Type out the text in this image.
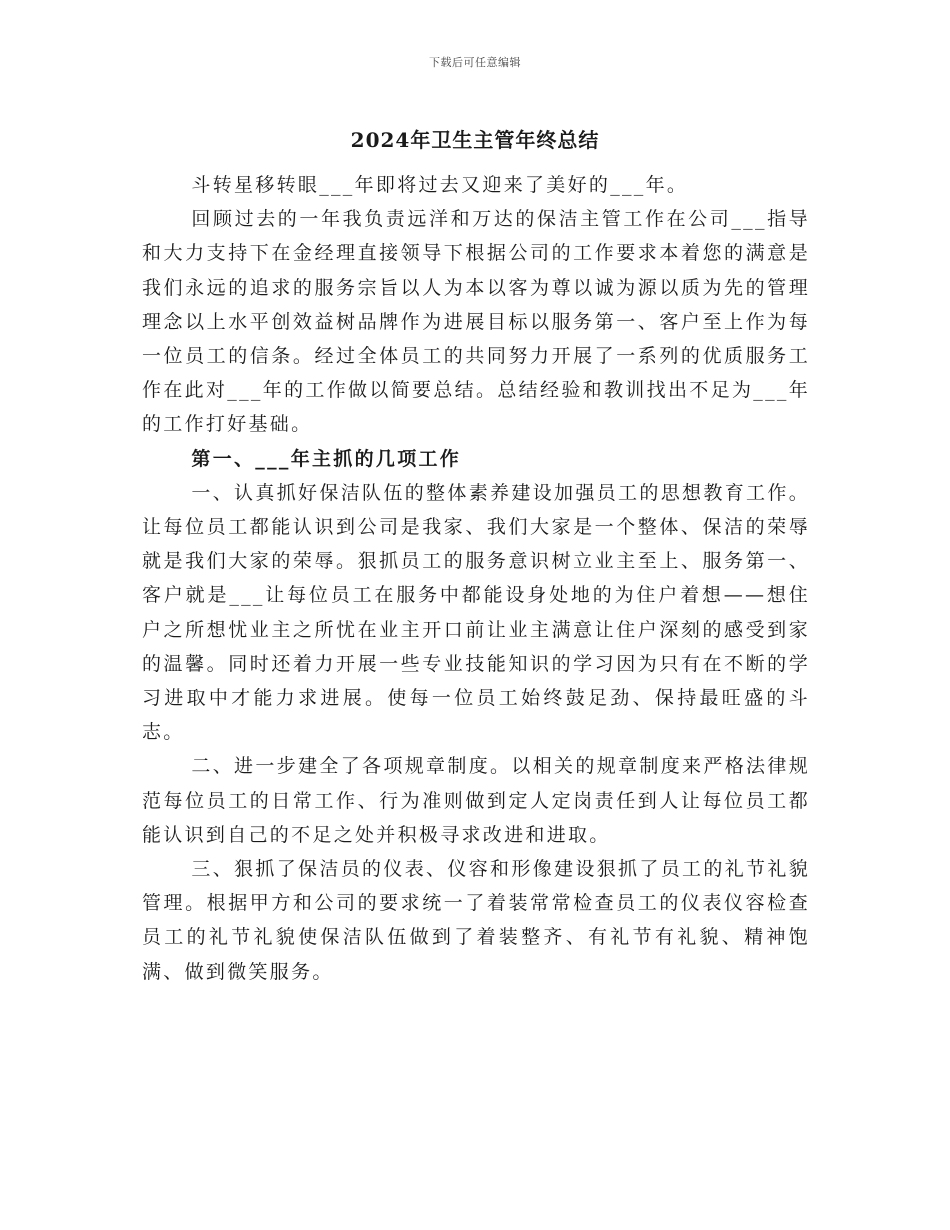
下载后可任意编辑
2024年卫生主管年终总结

斗转星移转眼___年即将过去又迎来了美好的___年。

回顾过去的一年我负责远洋和万达的保洁主管工作在公司___指导和大力支持下在金经理直接领导下根据公司的工作要求本着您的满意是我们永远的追求的服务宗旨以人为本以客为尊以诚为源以质为先的管理理念以上水平创效益树品牌作为进展目标以服务第一、客户至上作为每一位员工的信条。经过全体员工的共同努力开展了一系列的优质服务工作在此对___年的工作做以简要总结。总结经验和教训找出不足为___年的工作打好基础。

第一、___年主抓的几项工作

一、认真抓好保洁队伍的整体素养建设加强员工的思想教育工作。让每位员工都能认识到公司是我家、我们大家是一个整体、保洁的荣辱就是我们大家的荣辱。狠抓员工的服务意识树立业主至上、服务第一、客户就是___让每位员工在服务中都能设身处地的为住户着想——想住户之所想忧业主之所忧在业主开口前让业主满意让住户深刻的感受到家的温馨。同时还着力开展一些专业技能知识的学习因为只有在不断的学习进取中才能力求进展。使每一位员工始终鼓足劲、保持最旺盛的斗志。

二、进一步建全了各项规章制度。以相关的规章制度来严格法律规范每位员工的日常工作、行为准则做到定人定岗责任到人让每位员工都能认识到自己的不足之处并积极寻求改进和进取。

三、狠抓了保洁员的仪表、仪容和形像建设狠抓了员工的礼节礼貌管理。根据甲方和公司的要求统一了着装常常检查员工的仪表仪容检查员工的礼节礼貌使保洁队伍做到了着装整齐、有礼节有礼貌、精神饱满、做到微笑服务。
